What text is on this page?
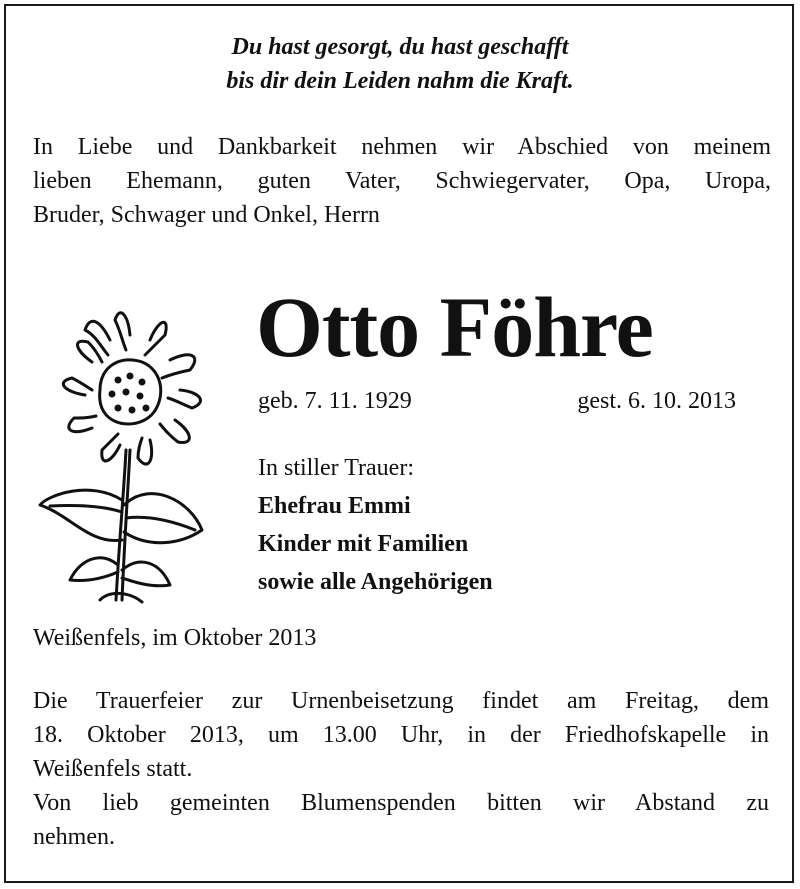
Du hast gesorgt, du hast geschafft
bis dir dein Leiden nahm die Kraft.
In Liebe und Dankbarkeit nehmen wir Abschied von meinem
lieben Ehemann, guten Vater, Schwiegervater, Opa, Uropa,
Bruder, Schwager und Onkel, Herrn
Otto Föhre
geb. 7. 11. 1929	gest. 6. 10. 2013
In stiller Trauer:
Ehefrau Emmi
Kinder mit Familien
sowie alle Angehörigen
Weißenfels, im Oktober 2013
Die Trauerfeier zur Urnenbeisetzung findet am Freitag, dem
18. Oktober 2013, um 13.00 Uhr, in der Friedhofskapelle in
Weißenfels statt.
Von lieb gemeinten Blumenspenden bitten wir Abstand zu
nehmen.
